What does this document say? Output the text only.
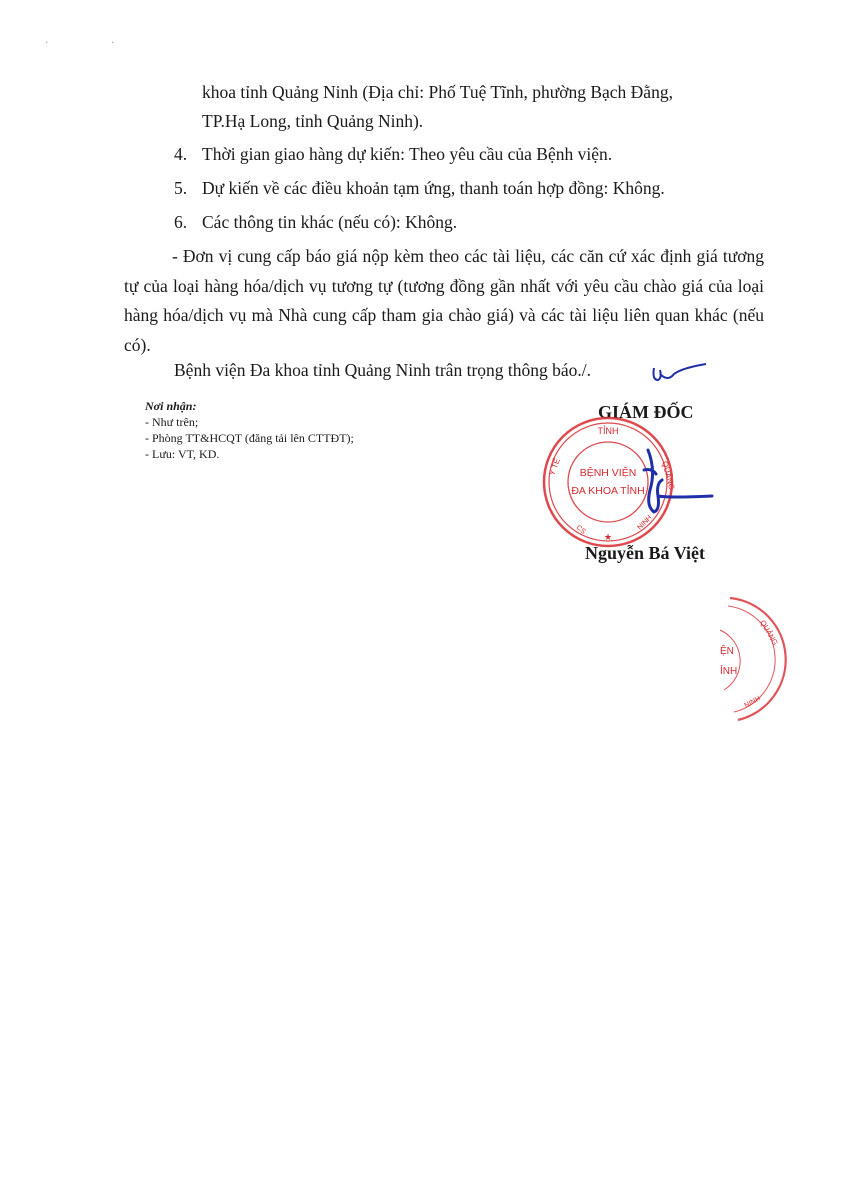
· ·
khoa tỉnh Quảng Ninh (Địa chỉ: Phố Tuệ Tĩnh, phường Bạch Đằng,
TP.Hạ Long, tỉnh Quảng Ninh).
4. Thời gian giao hàng dự kiến: Theo yêu cầu của Bệnh viện.
5. Dự kiến về các điều khoản tạm ứng, thanh toán hợp đồng: Không.
6. Các thông tin khác (nếu có): Không.
- Đơn vị cung cấp báo giá nộp kèm theo các tài liệu, các căn cứ xác định giá tương tự của loại hàng hóa/dịch vụ tương tự (tương đồng gần nhất với yêu cầu chào giá của loại hàng hóa/dịch vụ mà Nhà cung cấp tham gia chào giá) và các tài liệu liên quan khác (nếu có).
Bệnh viện Đa khoa tỉnh Quảng Ninh trân trọng thông báo./.
Nơi nhận:
- Như trên;
- Phòng TT&HCQT (đăng tải lên CTTĐT);
- Lưu: VT, KD.
GIÁM ĐỐC
TỈNH
Y TẾ	QUẢNG
BỆNH VIỆN
ĐA KHOA TỈNH
★
CS	NINH
Nguyễn Bá Việt
ỆN
ỈNH
QUẢNG
NINH
